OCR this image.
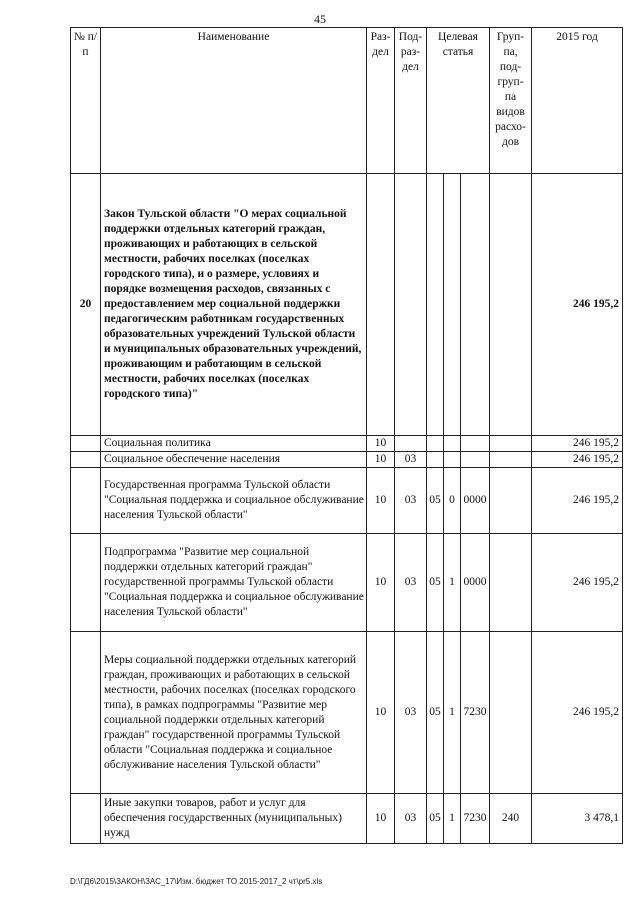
45
№ п/п	Наименование	Раз-дел	Под-раз-дел	Целевая статья			Груп-па, под-груп-па видов расхо-дов	2015 год
20	Закон Тульской области "О мерах социальной поддержки отдельных категорий граждан, проживающих и работающих в сельской местности, рабочих поселках (поселках городского типа), и о размере, условиях и порядке возмещения расходов, связанных с предоставлением мер социальной поддержки педагогическим работникам государственных образовательных учреждений Тульской области и муниципальных образовательных учреждений, проживающим и работающим в сельской местности, рабочих поселках (поселках городского типа)"							246 195,2
	Социальная политика	10						246 195,2
	Социальное обеспечение населения	10	03					246 195,2
	Государственная программа Тульской области "Социальная поддержка и социальное обслуживание населения Тульской области"	10	03	05	0	0000		246 195,2
	Подпрограмма "Развитие мер социальной поддержки отдельных категорий граждан" государственной программы Тульской области "Социальная поддержка и социальное обслуживание населения Тульской области"	10	03	05	1	0000		246 195,2
	Меры социальной поддержки отдельных категорий граждан, проживающих и работающих в сельской местности, рабочих поселках (поселках городского типа), в рамках подпрограммы "Развитие мер социальной поддержки отдельных категорий граждан" государственной программы Тульской области "Социальная поддержка и социальное обслуживание населения Тульской области"	10	03	05	1	7230		246 195,2
	Иные закупки товаров, работ и услуг для обеспечения государственных (муниципальных) нужд	10	03	05	1	7230	240	3 478,1
D:\ГД6\2015\ЗАКОН\ЗАС_17\Изм. бюджет ТО 2015-2017_2 чт\pr5.xls
